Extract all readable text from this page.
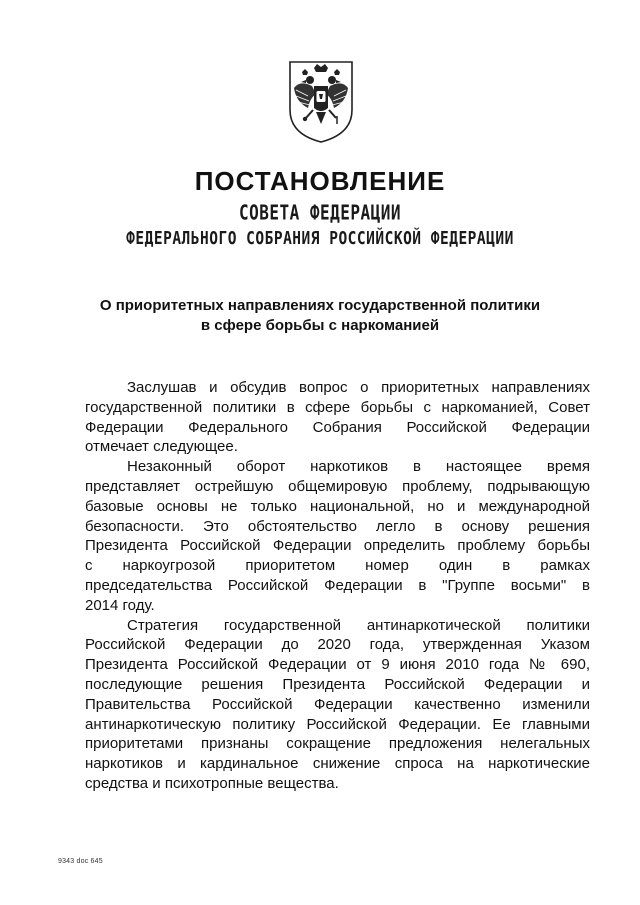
ПОСТАНОВЛЕНИЕ
СОВЕТА ФЕДЕРАЦИИ
ФЕДЕРАЛЬНОГО СОБРАНИЯ РОССИЙСКОЙ ФЕДЕРАЦИИ
О приоритетных направлениях государственной политики
в сфере борьбы с наркоманией
Заслушав и обсудив вопрос о приоритетных направлениях
государственной политики в сфере борьбы с наркоманией, Совет
Федерации Федерального Собрания Российской Федерации
отмечает следующее.
Незаконный оборот наркотиков в настоящее время
представляет острейшую общемировую проблему, подрывающую
базовые основы не только национальной, но и международной
безопасности. Это обстоятельство легло в основу решения
Президента Российской Федерации определить проблему борьбы
с наркоугрозой приоритетом номер один в рамках
председательства Российской Федерации в "Группе восьми" в
2014 году.
Стратегия государственной антинаркотической политики
Российской Федерации до 2020 года, утвержденная Указом
Президента Российской Федерации от 9 июня 2010 года № 690,
последующие решения Президента Российской Федерации и
Правительства Российской Федерации качественно изменили
антинаркотическую политику Российской Федерации. Ее главными
приоритетами признаны сокращение предложения нелегальных
наркотиков и кардинальное снижение спроса на наркотические
средства и психотропные вещества.
9343 doc 645
